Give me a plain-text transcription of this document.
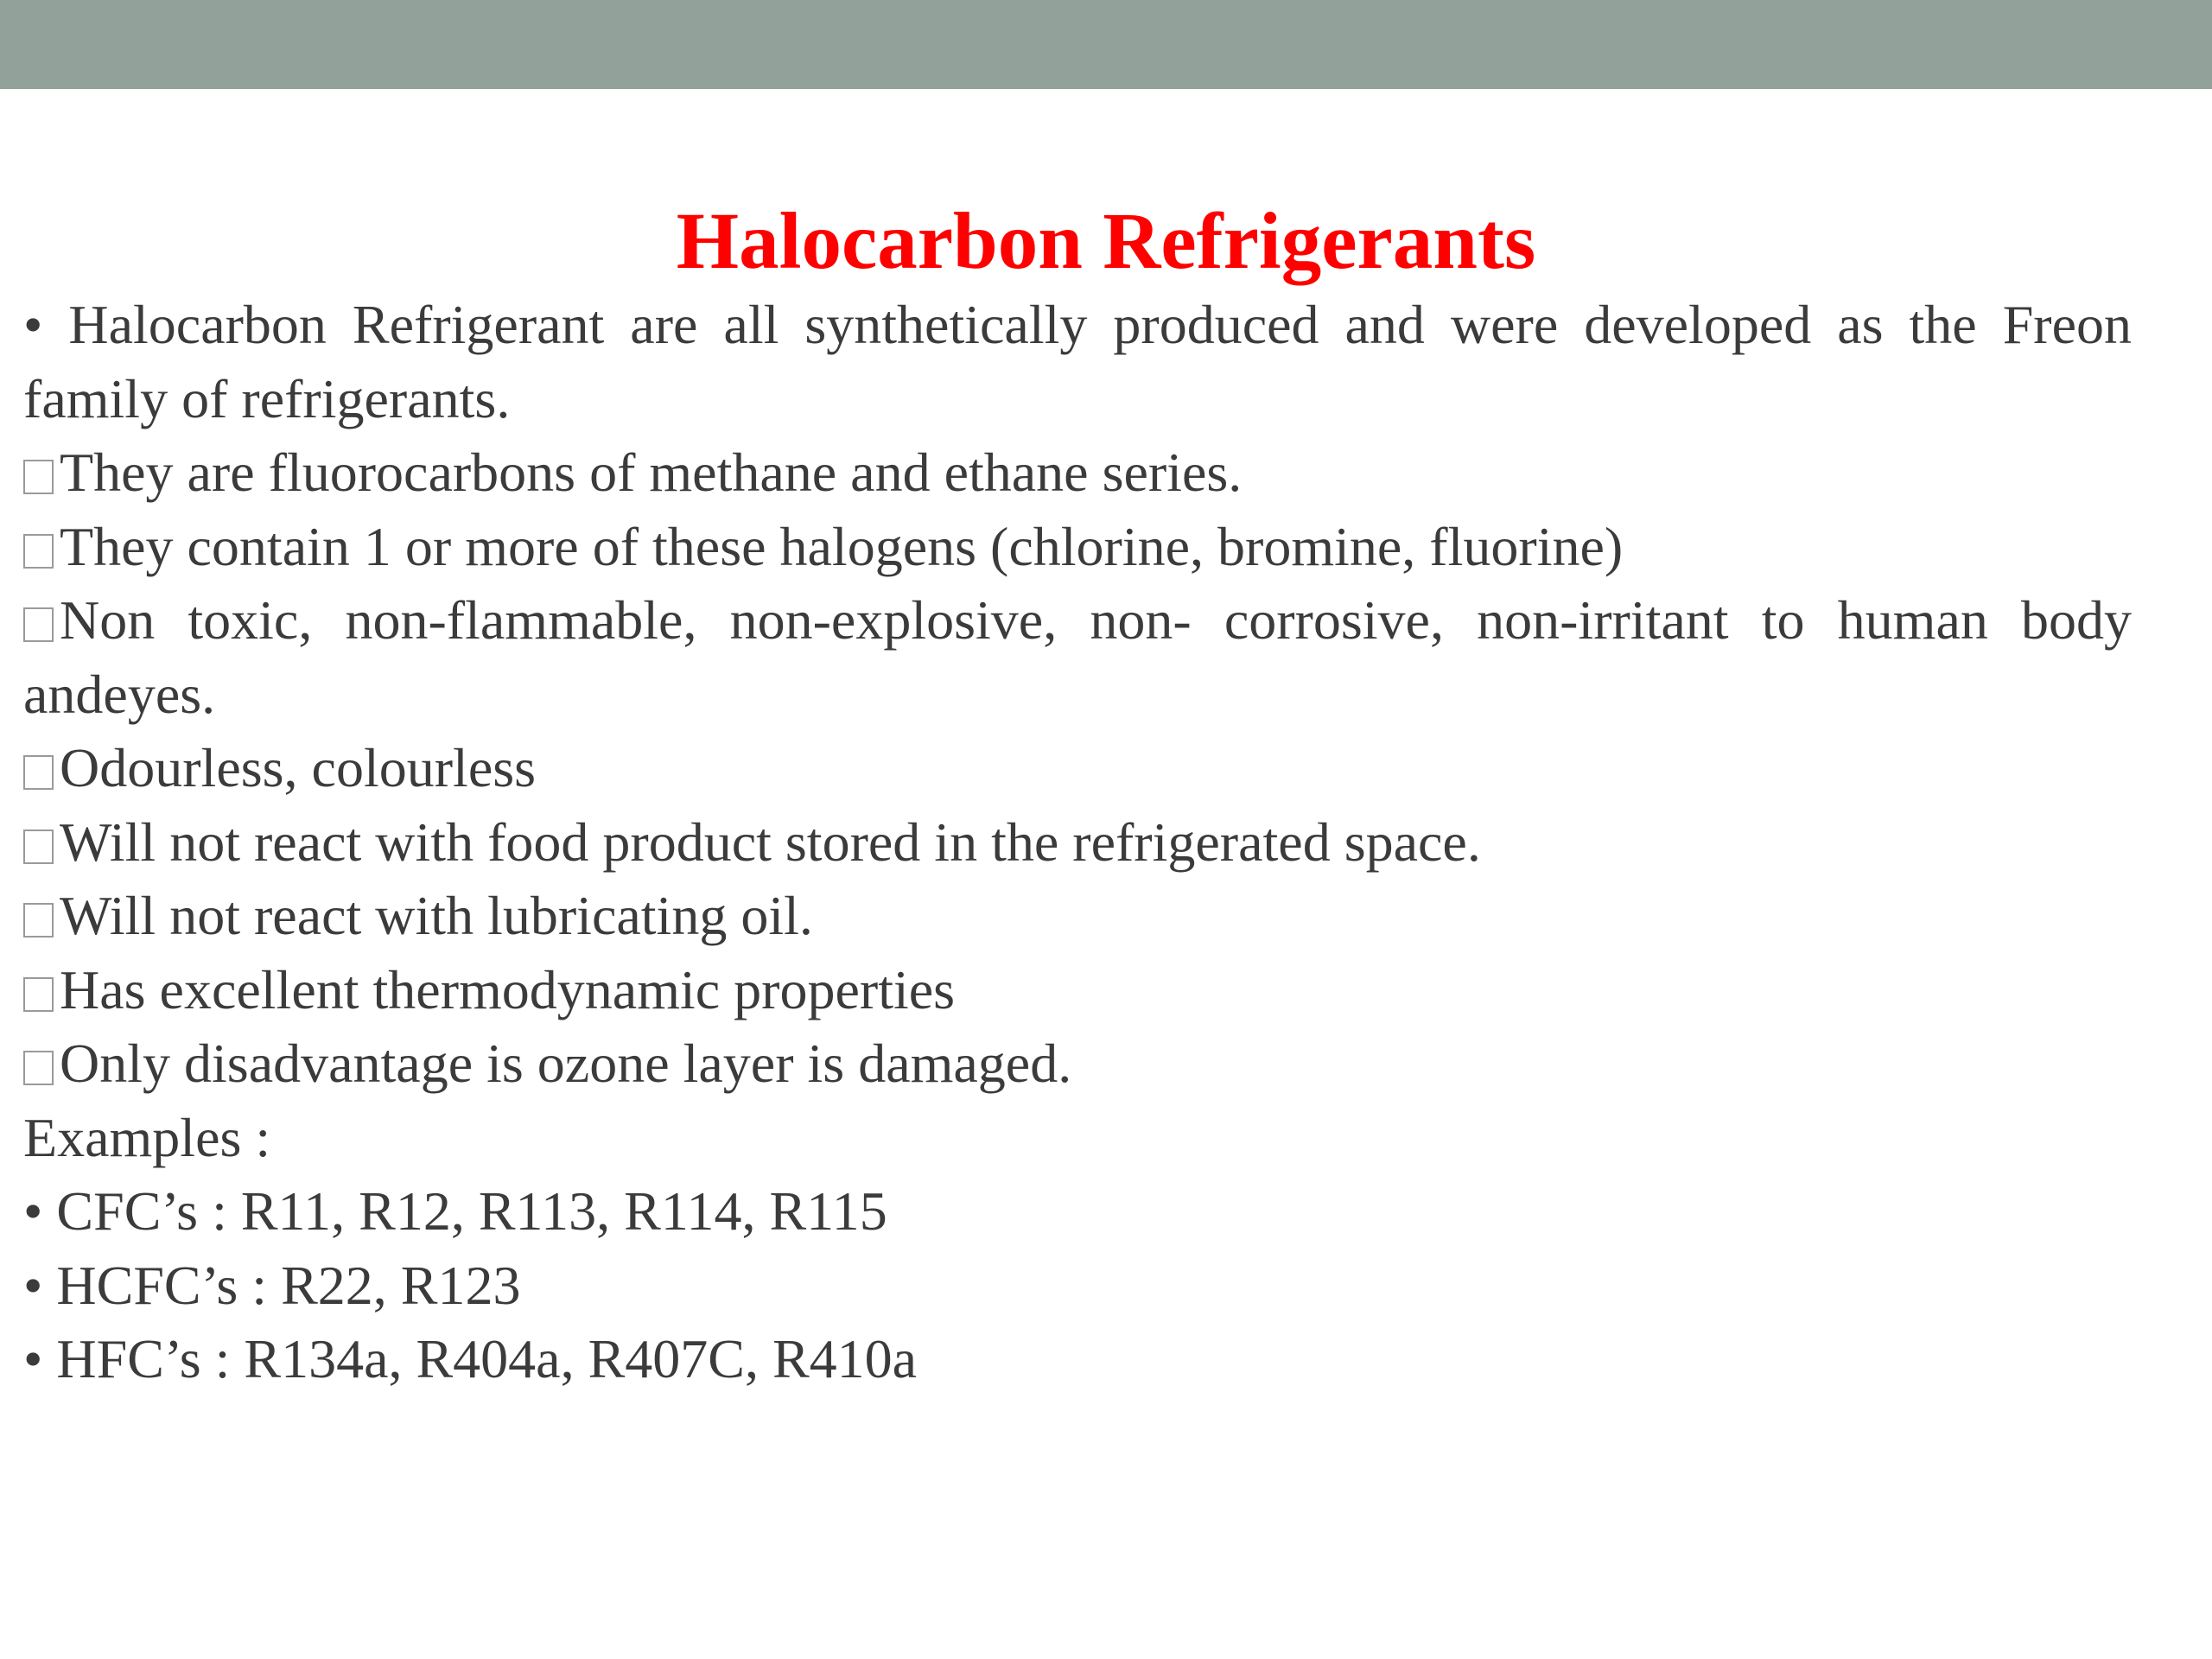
Halocarbon Refrigerants

• Halocarbon Refrigerant are all synthetically produced and were developed as the Freon family of refrigerants.

They are fluorocarbons of methane and ethane series.

They contain 1 or more of these halogens (chlorine, bromine, fluorine)

Non toxic, non-flammable, non-explosive, non- corrosive, non-irritant to human body andeyes.

Odourless, colourless

Will not react with food product stored in the refrigerated space.

Will not react with lubricating oil.

Has excellent thermodynamic properties

Only disadvantage is ozone layer is damaged.

Examples :

• CFC’s : R11, R12, R113, R114, R115

• HCFC’s : R22, R123

• HFC’s : R134a, R404a, R407C, R410a
